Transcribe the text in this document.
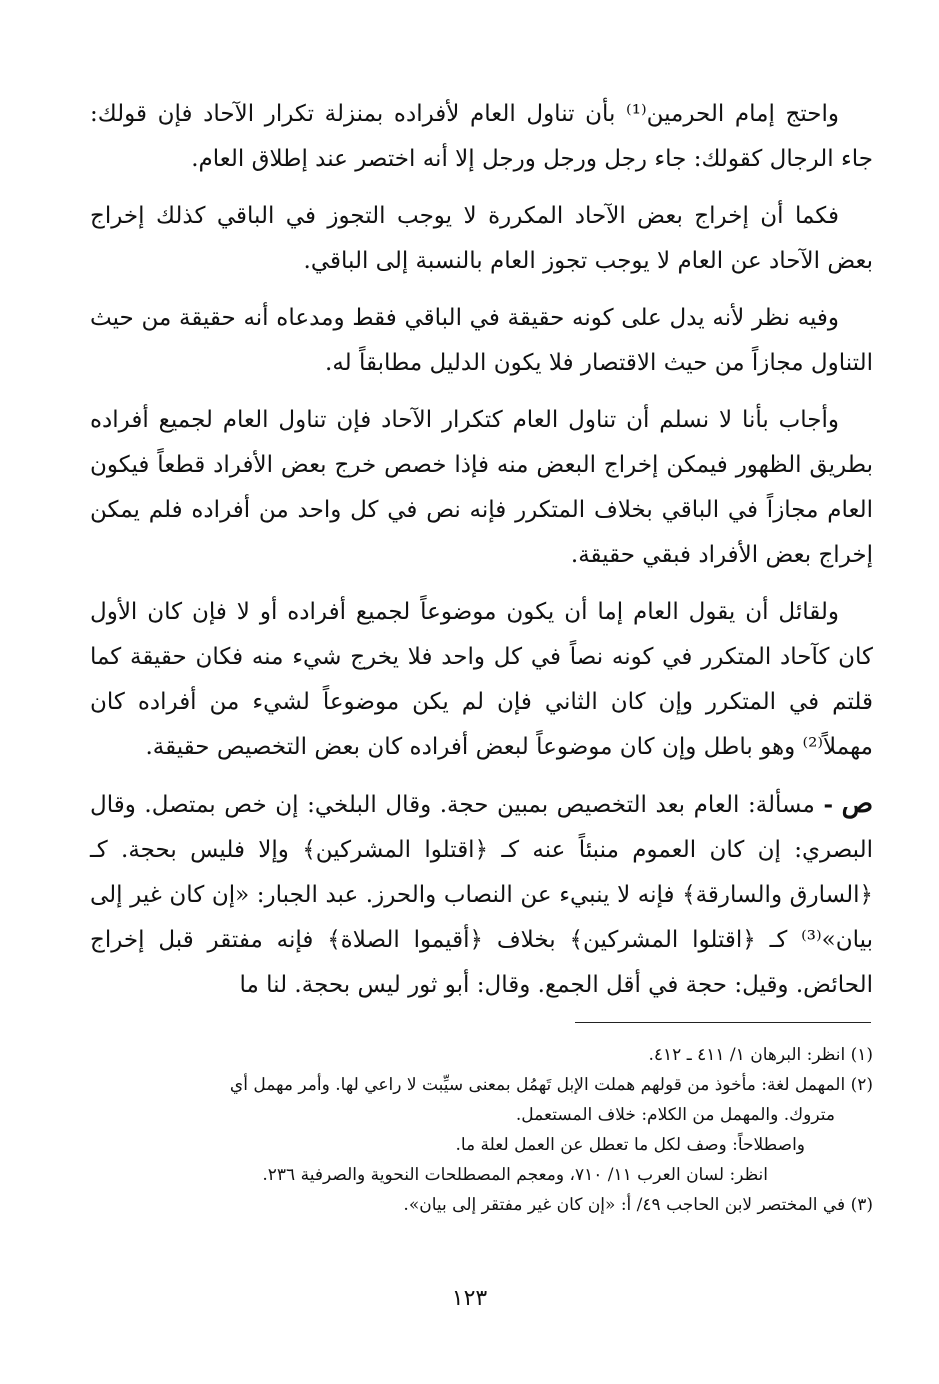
واحتج إمام الحرمين⁽¹⁾ بأن تناول العام لأفراده بمنزلة تكرار الآحاد فإن قولك: جاء الرجال كقولك: جاء رجل ورجل ورجل إلا أنه اختصر عند إطلاق العام.

فكما أن إخراج بعض الآحاد المكررة لا يوجب التجوز في الباقي كذلك إخراج بعض الآحاد عن العام لا يوجب تجوز العام بالنسبة إلى الباقي.

وفيه نظر لأنه يدل على كونه حقيقة في الباقي فقط ومدعاه أنه حقيقة من حيث التناول مجازاً من حيث الاقتصار فلا يكون الدليل مطابقاً له.

وأجاب بأنا لا نسلم أن تناول العام كتكرار الآحاد فإن تناول العام لجميع أفراده بطريق الظهور فيمكن إخراج البعض منه فإذا خصص خرج بعض الأفراد قطعاً فيكون العام مجازاً في الباقي بخلاف المتكرر فإنه نص في كل واحد من أفراده فلم يمكن إخراج بعض الأفراد فبقي حقيقة.

ولقائل أن يقول العام إما أن يكون موضوعاً لجميع أفراده أو لا فإن كان الأول كان كآحاد المتكرر في كونه نصاً في كل واحد فلا يخرج شيء منه فكان حقيقة كما قلتم في المتكرر وإن كان الثاني فإن لم يكن موضوعاً لشيء من أفراده كان مهملاً⁽²⁾ وهو باطل وإن كان موضوعاً لبعض أفراده كان بعض التخصيص حقيقة.

ص - مسألة: العام بعد التخصيص بمبين حجة. وقال البلخي: إن خص بمتصل. وقال البصري: إن كان العموم منبئاً عنه كـ ﴿اقتلوا المشركين﴾ وإلا فليس بحجة. كـ ﴿السارق والسارقة﴾ فإنه لا ينبيء عن النصاب والحرز. عبد الجبار: «إن كان غير إلى بيان»⁽³⁾ كـ ﴿اقتلوا المشركين﴾ بخلاف ﴿أقيموا الصلاة﴾ فإنه مفتقر قبل إخراج الحائض. وقيل: حجة في أقل الجمع. وقال: أبو ثور ليس بحجة. لنا ما

(١) انظر: البرهان ١/ ٤١١ ـ ٤١٢.

(٢) المهمل لغة: مأخوذ من قولهم هملت الإبل تَهمُل بمعنى سيِّبت لا راعي لها. وأمر مهمل أي

متروك. والمهمل من الكلام: خلاف المستعمل.

واصطلاحاً: وصف لكل ما تعطل عن العمل لعلة ما.

انظر: لسان العرب ١١/ ٧١٠، ومعجم المصطلحات النحوية والصرفية ٢٣٦.

(٣) في المختصر لابن الحاجب ٤٩/ أ: «إن كان غير مفتقر إلى بيان».

١٢٣
